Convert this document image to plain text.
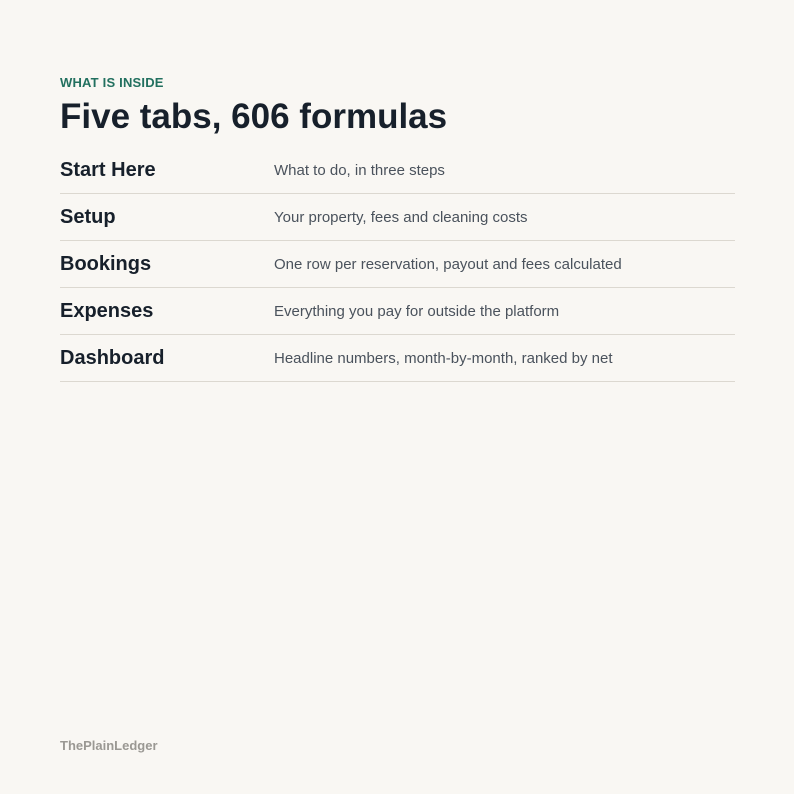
WHAT IS INSIDE
Five tabs, 606 formulas
Start Here	What to do, in three steps
Setup	Your property, fees and cleaning costs
Bookings	One row per reservation, payout and fees calculated
Expenses	Everything you pay for outside the platform
Dashboard	Headline numbers, month-by-month, ranked by net
ThePlainLedger
